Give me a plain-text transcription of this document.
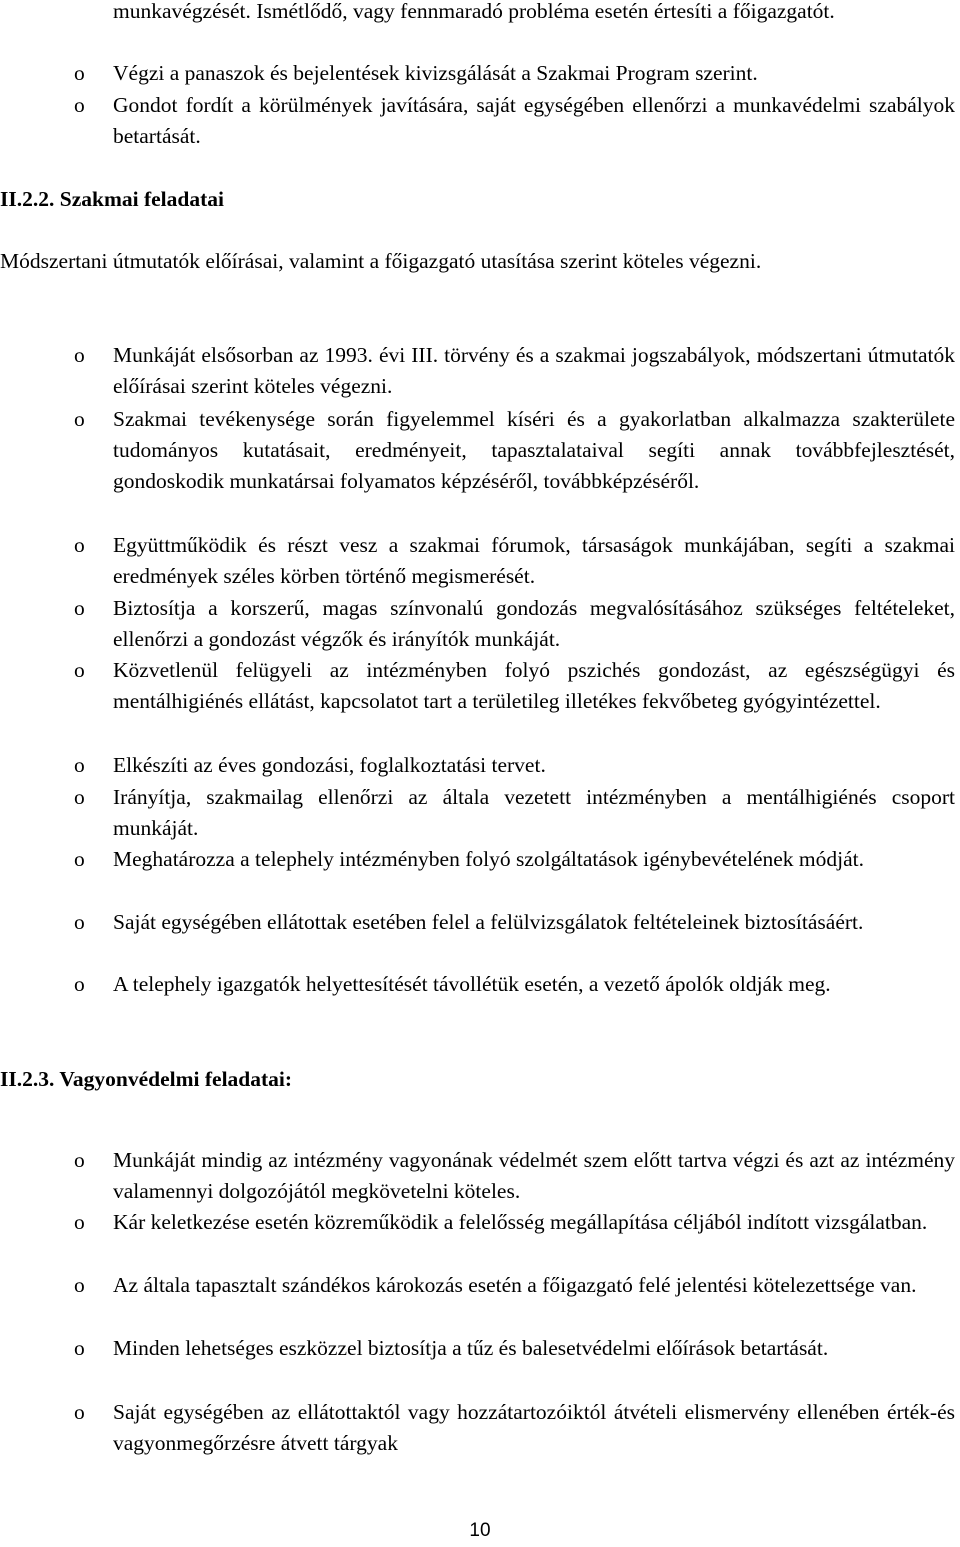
munkavégzését. Ismétlődő, vagy fennmaradó probléma esetén értesíti a főigazgatót.
o Végzi a panaszok és bejelentések kivizsgálását a Szakmai Program szerint.
o Gondot fordít a körülmények javítására, saját egységében ellenőrzi a munkavédelmi szabályok betartását.
II.2.2. Szakmai feladatai
Módszertani útmutatók előírásai, valamint a főigazgató utasítása szerint köteles végezni.
o Munkáját elsősorban az 1993. évi III. törvény és a szakmai jogszabályok, módszertani útmutatók előírásai szerint köteles végezni.
o Szakmai tevékenysége során figyelemmel kíséri és a gyakorlatban alkalmazza szakterülete tudományos kutatásait, eredményeit, tapasztalataival segíti annak továbbfejlesztését, gondoskodik munkatársai folyamatos képzéséről, továbbképzéséről.
o Együttműködik és részt vesz a szakmai fórumok, társaságok munkájában, segíti a szakmai eredmények széles körben történő megismerését.
o Biztosítja a korszerű, magas színvonalú gondozás megvalósításához szükséges feltételeket, ellenőrzi a gondozást végzők és irányítók munkáját.
o Közvetlenül felügyeli az intézményben folyó pszichés gondozást, az egészségügyi és mentálhigiénés ellátást, kapcsolatot tart a területileg illetékes fekvőbeteg gyógyintézettel.
o Elkészíti az éves gondozási, foglalkoztatási tervet.
o Irányítja, szakmailag ellenőrzi az általa vezetett intézményben a mentálhigiénés csoport munkáját.
o Meghatározza a telephely intézményben folyó szolgáltatások igénybevételének módját.
o Saját egységében ellátottak esetében felel a felülvizsgálatok feltételeinek biztosításáért.
o A telephely igazgatók helyettesítését távollétük esetén, a vezető ápolók oldják meg.
II.2.3. Vagyonvédelmi feladatai:
o Munkáját mindig az intézmény vagyonának védelmét szem előtt tartva végzi és azt az intézmény valamennyi dolgozójától megkövetelni köteles.
o Kár keletkezése esetén közreműködik a felelősség megállapítása céljából indított vizsgálatban.
o Az általa tapasztalt szándékos károkozás esetén a főigazgató felé jelentési kötelezettsége van.
o Minden lehetséges eszközzel biztosítja a tűz és balesetvédelmi előírások betartását.
o Saját egységében az ellátottaktól vagy hozzátartozóiktól átvételi elismervény ellenében érték-és vagyonmegőrzésre átvett tárgyak
10
